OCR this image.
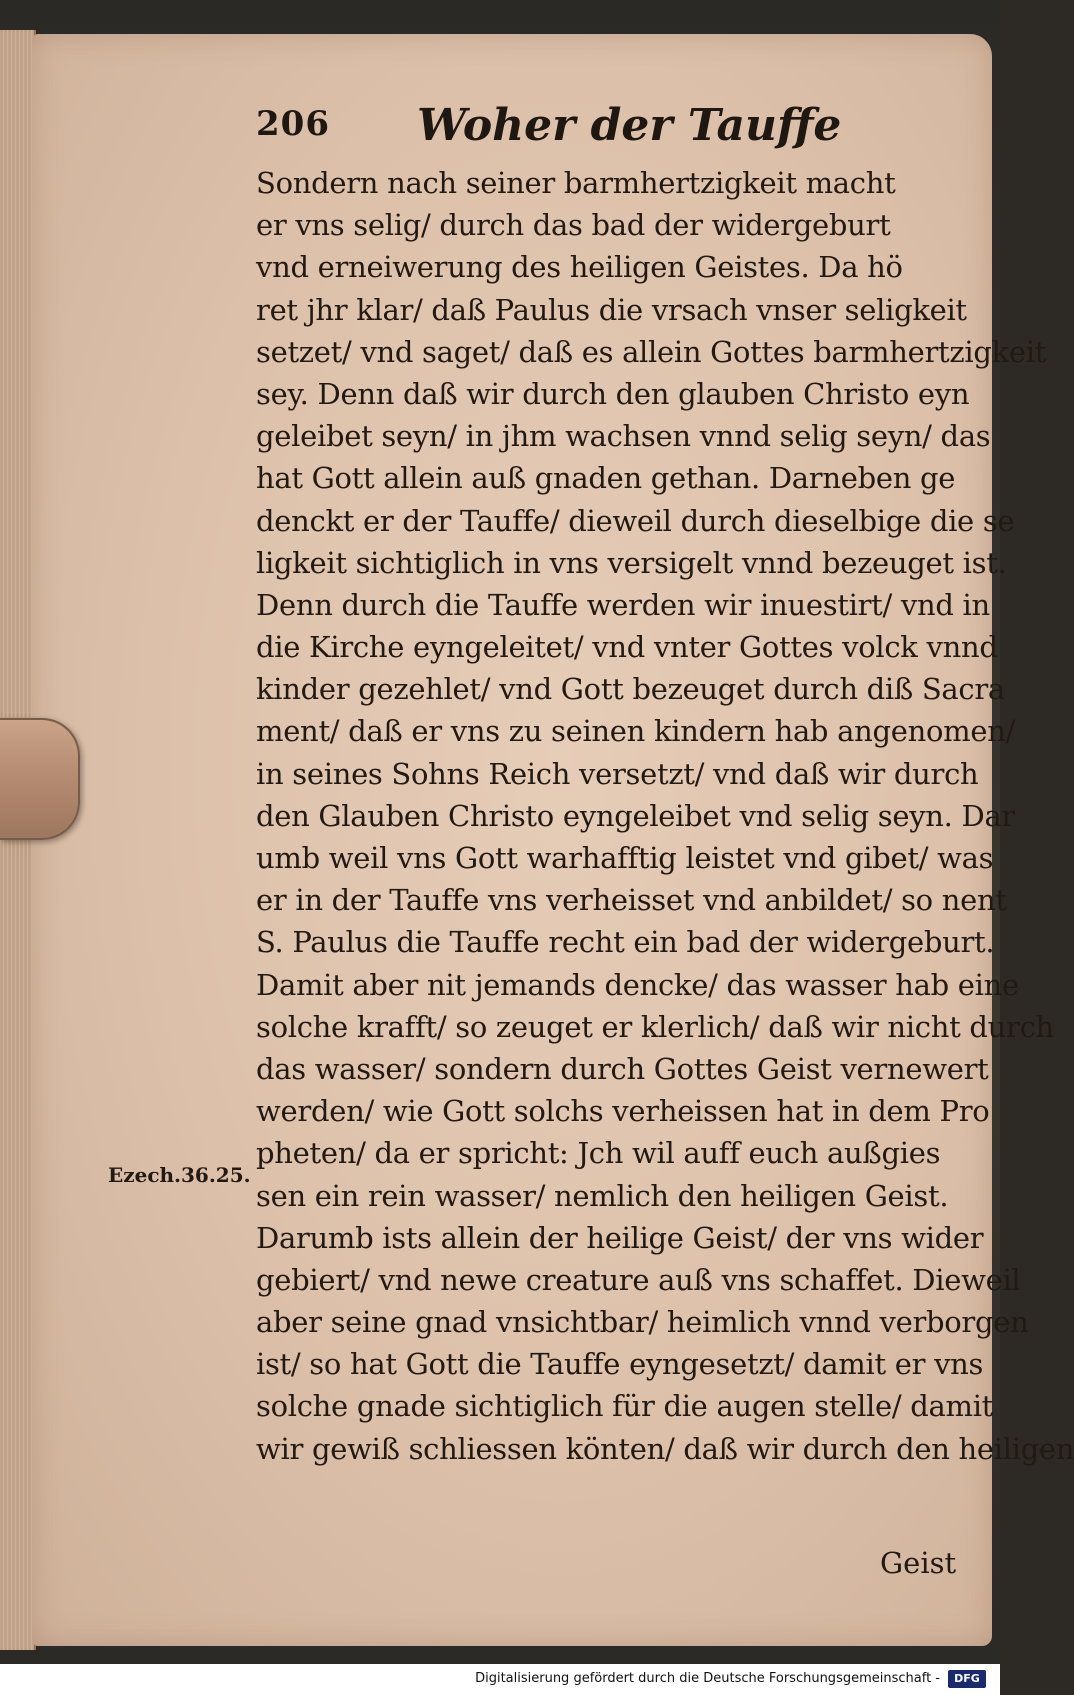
206 Woher der Tauffe
Ezech.36.25.
Sondern nach seiner barmhertzigkeit macht
er vns selig/ durch das bad der widergeburt
vnd erneiwerung des heiligen Geistes. Da hö
ret jhr klar/ daß Paulus die vrsach vnser seligkeit
setzet/ vnd saget/ daß es allein Gottes barmhertzigkeit
sey. Denn daß wir durch den glauben Christo eyn
geleibet seyn/ in jhm wachsen vnnd selig seyn/ das
hat Gott allein auß gnaden gethan. Darneben ge
denckt er der Tauffe/ dieweil durch dieselbige die se
ligkeit sichtiglich in vns versigelt vnnd bezeuget ist.
Denn durch die Tauffe werden wir inuestirt/ vnd in
die Kirche eyngeleitet/ vnd vnter Gottes volck vnnd
kinder gezehlet/ vnd Gott bezeuget durch diß Sacra
ment/ daß er vns zu seinen kindern hab angenomen/
in seines Sohns Reich versetzt/ vnd daß wir durch
den Glauben Christo eyngeleibet vnd selig seyn. Dar
umb weil vns Gott warhafftig leistet vnd gibet/ was
er in der Tauffe vns verheisset vnd anbildet/ so nent
S. Paulus die Tauffe recht ein bad der widergeburt.
Damit aber nit jemands dencke/ das wasser hab eine
solche krafft/ so zeuget er klerlich/ daß wir nicht durch
das wasser/ sondern durch Gottes Geist vernewert
werden/ wie Gott solchs verheissen hat in dem Pro
pheten/ da er spricht: Jch wil auff euch außgies
sen ein rein wasser/ nemlich den heiligen Geist.
Darumb ists allein der heilige Geist/ der vns wider
gebiert/ vnd newe creature auß vns schaffet. Dieweil
aber seine gnad vnsichtbar/ heimlich vnnd verborgen
ist/ so hat Gott die Tauffe eyngesetzt/ damit er vns
solche gnade sichtiglich für die augen stelle/ damit
wir gewiß schliessen könten/ daß wir durch den heiligen
Geist
Digitalisierung gefördert durch die Deutsche Forschungsgemeinschaft -	DFG
